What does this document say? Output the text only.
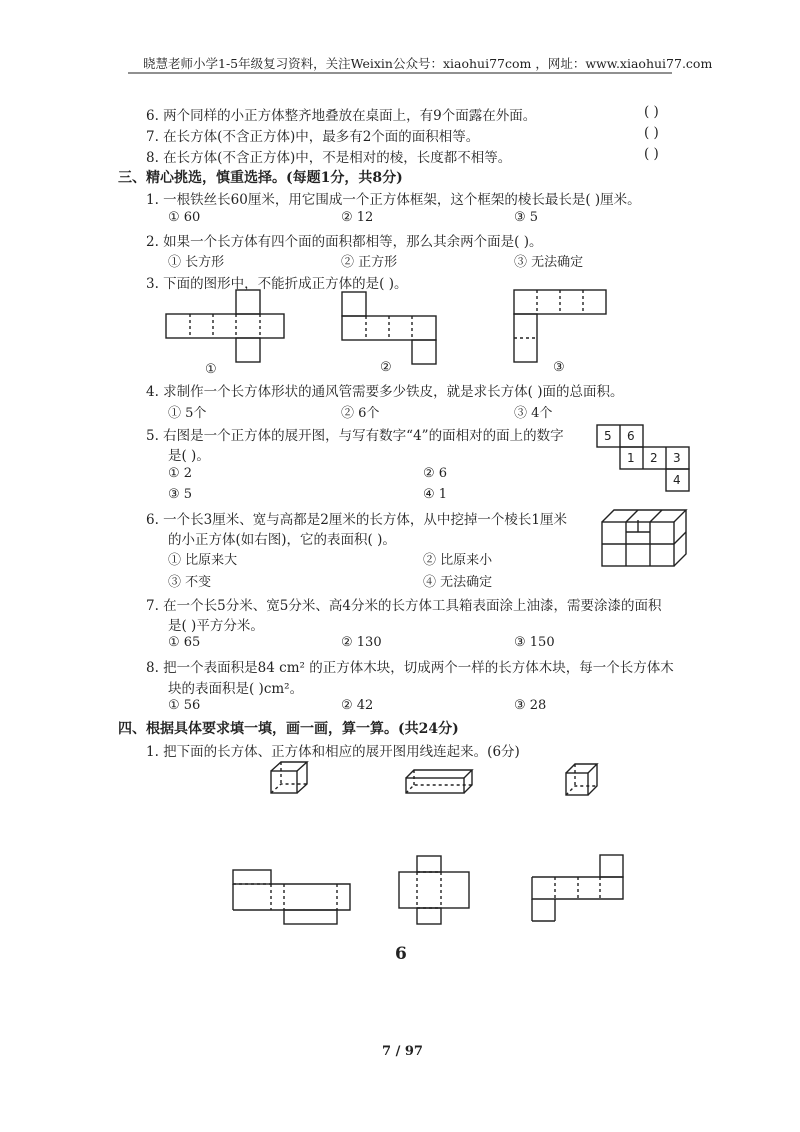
晓慧老师小学1-5年级复习资料，关注Weixin公众号：xiaohui77com ，网址：www.xiaohui77.com
6. 两个同样的小正方体整齐地叠放在桌面上，有9个面露在外面。	( )
7. 在长方体(不含正方体)中，最多有2个面的面积相等。	( )
8. 在长方体(不含正方体)中，不是相对的棱，长度都不相等。	( )
三、精心挑选，慎重选择。(每题1分，共8分)
1. 一根铁丝长60厘米，用它围成一个正方体框架，这个框架的棱长最长是( )厘米。
① 60	② 12	③ 5
2. 如果一个长方体有四个面的面积都相等，那么其余两个面是( )。
① 长方形	② 正方形	③ 无法确定
3. 下面的图形中，不能折成正方体的是( )。
①	②	③
4. 求制作一个长方体形状的通风管需要多少铁皮，就是求长方体( )面的总面积。
① 5个	② 6个	③ 4个
5. 右图是一个正方体的展开图，与写有数字“4”的面相对的面上的数字
是( )。
① 2	② 6
③ 5	④ 1
5 6
1 2 3
4
6. 一个长3厘米、宽与高都是2厘米的长方体，从中挖掉一个棱长1厘米
的小正方体(如右图)，它的表面积( )。
① 比原来大	② 比原来小
③ 不变	④ 无法确定
7. 在一个长5分米、宽5分米、高4分米的长方体工具箱表面涂上油漆，需要涂漆的面积
是( )平方分米。
① 65	② 130	③ 150
8. 把一个表面积是84 cm² 的正方体木块，切成两个一样的长方体木块，每一个长方体木
块的表面积是( )cm²。
① 56	② 42	③ 28
四、根据具体要求填一填，画一画，算一算。(共24分)
1. 把下面的长方体、正方体和相应的展开图用线连起来。(6分)
6
7 / 97
